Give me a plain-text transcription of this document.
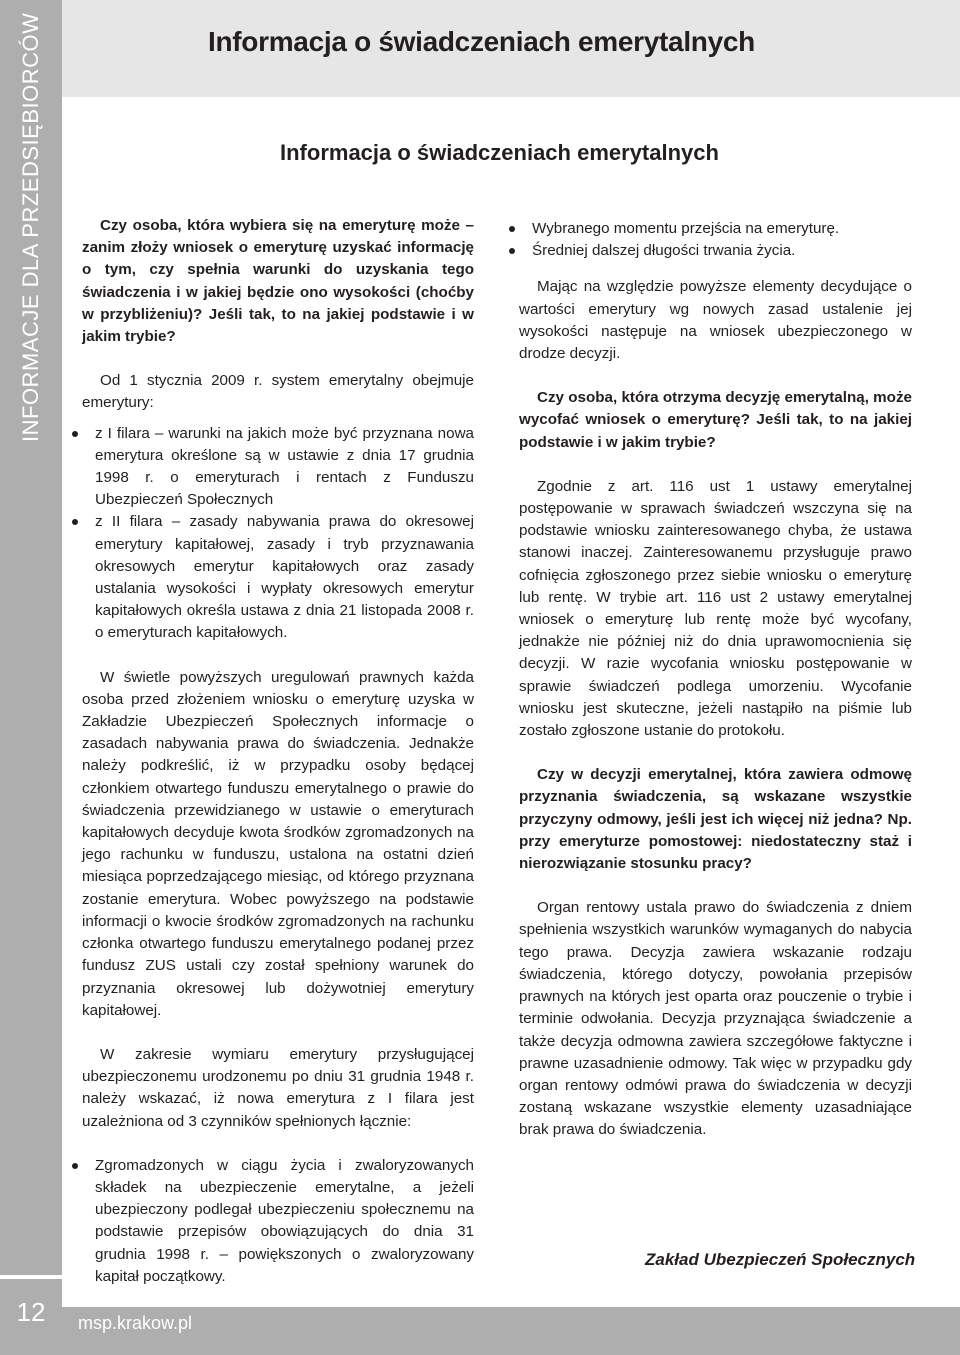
INFORMACJE DLA PRZEDSIĘBIORCÓW	Informacja o świadczeniach emerytalnych
Informacja o świadczeniach emerytalnych

Czy osoba, która wybiera się na emeryturę może – zanim złoży wniosek o emeryturę uzyskać informację o tym, czy spełnia warunki do uzyskania tego świadczenia i w jakiej będzie ono wysokości (choćby w przybliżeniu)? Jeśli tak, to na jakiej podstawie i w jakim trybie?

Od 1 stycznia 2009 r. system emerytalny obejmuje emerytury:

z I filara – warunki na jakich może być przyznana nowa emerytura określone są w ustawie z dnia 17 grudnia 1998 r. o emeryturach i rentach z Funduszu Ubezpieczeń Społecznych
z II filara – zasady nabywania prawa do okresowej emerytury kapitałowej, zasady i tryb przyznawania okresowych emerytur kapitałowych oraz zasady ustalania wysokości i wypłaty okresowych emerytur kapitałowych określa ustawa z dnia 21 listopada 2008 r. o emeryturach kapitałowych.

W świetle powyższych uregulowań prawnych każda osoba przed złożeniem wniosku o emeryturę uzyska w Zakładzie Ubezpieczeń Społecznych informacje o zasadach nabywania prawa do świadczenia. Jednakże należy podkreślić, iż w przypadku osoby będącej członkiem otwartego funduszu emerytalnego o prawie do świadczenia przewidzianego w ustawie o emeryturach kapitałowych decyduje kwota środków zgromadzonych na jego rachunku w funduszu, ustalona na ostatni dzień miesiąca poprzedzającego miesiąc, od którego przyznana zostanie emerytura. Wobec powyższego na podstawie informacji o kwocie środków zgromadzonych na rachunku członka otwartego funduszu emerytalnego podanej przez fundusz ZUS ustali czy został spełniony warunek do przyznania okresowej lub dożywotniej emerytury kapitałowej.

W zakresie wymiaru emerytury przysługującej ubezpieczonemu urodzonemu po dniu 31 grudnia 1948 r. należy wskazać, iż nowa emerytura z I filara jest uzależniona od 3 czynników spełnionych łącznie:

Zgromadzonych w ciągu życia i zwaloryzowanych składek na ubezpieczenie emerytalne, a jeżeli ubezpieczony podlegał ubezpieczeniu społecznemu na podstawie przepisów obowiązujących do dnia 31 grudnia 1998 r. – powiększonych o zwaloryzowany kapitał początkowy.
Wybranego momentu przejścia na emeryturę.
Średniej dalszej długości trwania życia.

Mając na względzie powyższe elementy decydujące o wartości emerytury wg nowych zasad ustalenie jej wysokości następuje na wniosek ubezpieczonego w drodze decyzji.

Czy osoba, która otrzyma decyzję emerytalną, może wycofać wniosek o emeryturę? Jeśli tak, to na jakiej podstawie i w jakim trybie?

Zgodnie z art. 116 ust 1 ustawy emerytalnej postępowanie w sprawach świadczeń wszczyna się na podstawie wniosku zainteresowanego chyba, że ustawa stanowi inaczej. Zainteresowanemu przysługuje prawo cofnięcia zgłoszonego przez siebie wniosku o emeryturę lub rentę. W trybie art. 116 ust 2 ustawy emerytalnej wniosek o emeryturę lub rentę może być wycofany, jednakże nie później niż do dnia uprawomocnienia się decyzji. W razie wycofania wniosku postępowanie w sprawie świadczeń podlega umorzeniu. Wycofanie wniosku jest skuteczne, jeżeli nastąpiło na piśmie lub zostało zgłoszone ustanie do protokołu.

Czy w decyzji emerytalnej, która zawiera odmowę przyznania świadczenia, są wskazane wszystkie przyczyny odmowy, jeśli jest ich więcej niż jedna? Np. przy emeryturze pomostowej: niedostateczny staż i nierozwiązanie stosunku pracy?

Organ rentowy ustala prawo do świadczenia z dniem spełnienia wszystkich warunków wymaganych do nabycia tego prawa. Decyzja zawiera wskazanie rodzaju świadczenia, którego dotyczy, powołania przepisów prawnych na których jest oparta oraz pouczenie o trybie i terminie odwołania. Decyzja przyznająca świadczenie a także decyzja odmowna zawiera szczegółowe faktyczne i prawne uzasadnienie odmowy. Tak więc w przypadku gdy organ rentowy odmówi prawa do świadczenia w decyzji zostaną wskazane wszystkie elementy uzasadniające brak prawa do świadczenia.

Zakład Ubezpieczeń Społecznych
12	msp.krakow.pl
